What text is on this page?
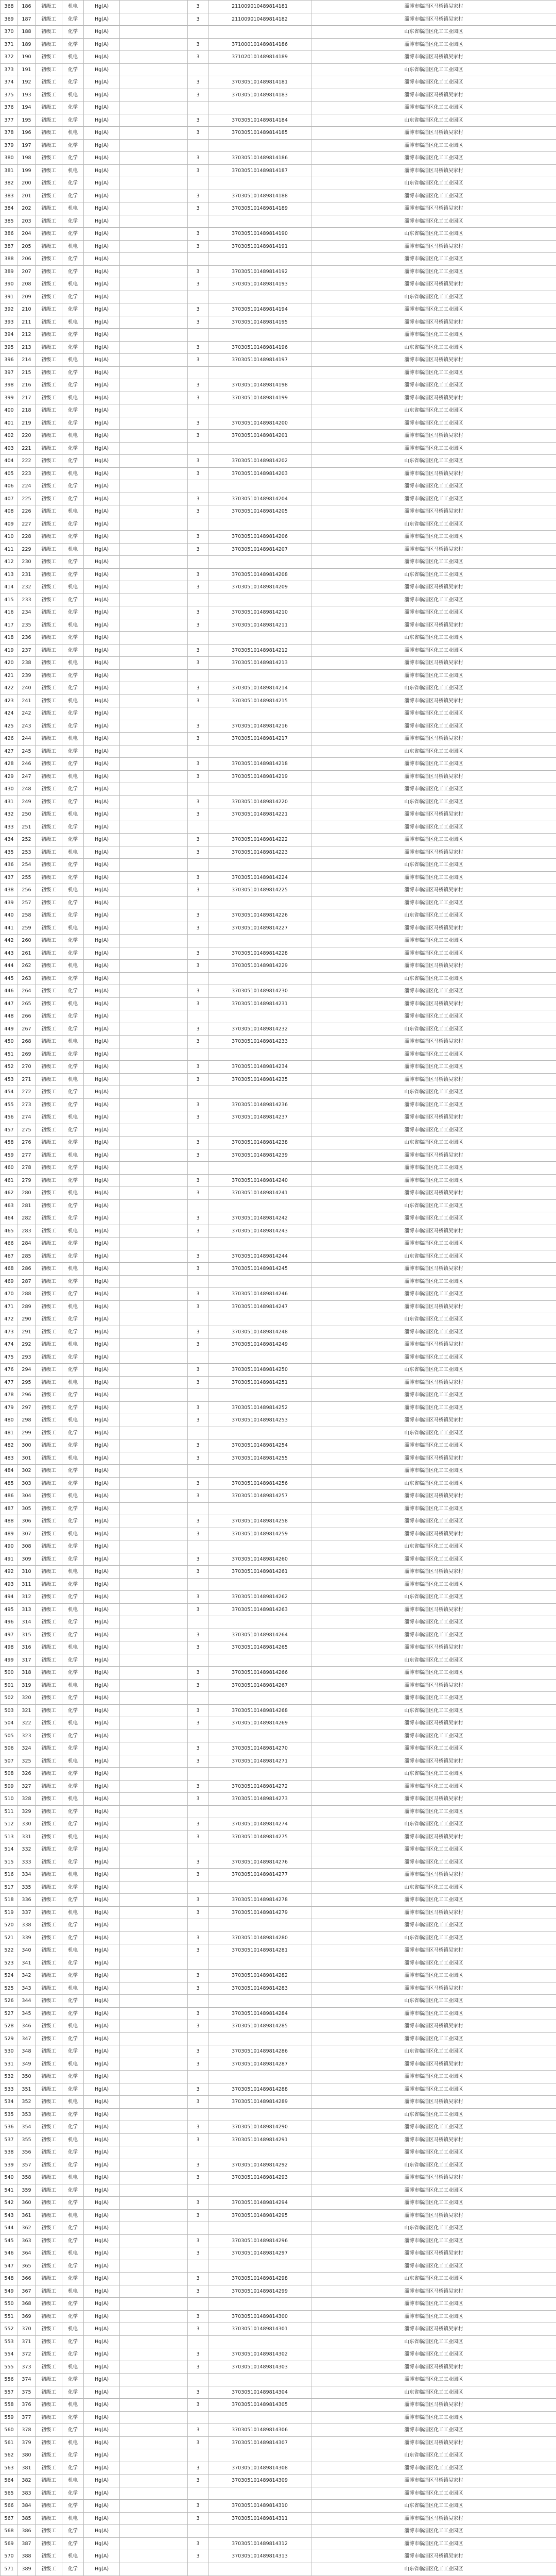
368	186	初级工	机电	Hg(A)		3	211009010489814181	淄博市临淄区马桥镇吴家村
369	187	初级工	化学	Hg(A)		3	211009010489814182	淄博市临淄区马桥镇吴家村
370	188	初级工	化学	Hg(A)				山东省临淄区化工工业园区
371	189	初级工	化学	Hg(A)		3	371000101489814186	淄博市临淄区化工工业园区
372	190	初级工	机电	Hg(A)		3	371020101489814189	淄博市临淄区马桥镇吴家村
373	191	初级工	化学	Hg(A)				山东省临淄区化工工业园区
374	192	初级工	化学	Hg(A)		3	370305101489814181	淄博市临淄区化工工业园区
375	193	初级工	机电	Hg(A)		3	370305101489814183	淄博市临淄区马桥镇吴家村
376	194	初级工	化学	Hg(A)				淄博市临淄区化工工业园区
377	195	初级工	化学	Hg(A)		3	370305101489814184	山东省临淄区化工工业园区
378	196	初级工	机电	Hg(A)		3	370305101489814185	淄博市临淄区马桥镇吴家村
379	197	初级工	化学	Hg(A)				淄博市临淄区化工工业园区
380	198	初级工	化学	Hg(A)		3	370305101489814186	淄博市临淄区化工工业园区
381	199	初级工	机电	Hg(A)		3	370305101489814187	淄博市临淄区马桥镇吴家村
382	200	初级工	化学	Hg(A)				山东省临淄区化工工业园区
383	201	初级工	化学	Hg(A)		3	370305101489814188	淄博市临淄区化工工业园区
384	202	初级工	机电	Hg(A)		3	370305101489814189	淄博市临淄区马桥镇吴家村
385	203	初级工	化学	Hg(A)				淄博市临淄区化工工业园区
386	204	初级工	化学	Hg(A)		3	370305101489814190	山东省临淄区化工工业园区
387	205	初级工	机电	Hg(A)		3	370305101489814191	淄博市临淄区马桥镇吴家村
388	206	初级工	化学	Hg(A)				淄博市临淄区化工工业园区
389	207	初级工	化学	Hg(A)		3	370305101489814192	淄博市临淄区化工工业园区
390	208	初级工	机电	Hg(A)		3	370305101489814193	淄博市临淄区马桥镇吴家村
391	209	初级工	化学	Hg(A)				山东省临淄区化工工业园区
392	210	初级工	化学	Hg(A)		3	370305101489814194	淄博市临淄区化工工业园区
393	211	初级工	机电	Hg(A)		3	370305101489814195	淄博市临淄区马桥镇吴家村
394	212	初级工	化学	Hg(A)				淄博市临淄区化工工业园区
395	213	初级工	化学	Hg(A)		3	370305101489814196	山东省临淄区化工工业园区
396	214	初级工	机电	Hg(A)		3	370305101489814197	淄博市临淄区马桥镇吴家村
397	215	初级工	化学	Hg(A)				淄博市临淄区化工工业园区
398	216	初级工	化学	Hg(A)		3	370305101489814198	淄博市临淄区化工工业园区
399	217	初级工	机电	Hg(A)		3	370305101489814199	淄博市临淄区马桥镇吴家村
400	218	初级工	化学	Hg(A)				山东省临淄区化工工业园区
401	219	初级工	化学	Hg(A)		3	370305101489814200	淄博市临淄区化工工业园区
402	220	初级工	机电	Hg(A)		3	370305101489814201	淄博市临淄区马桥镇吴家村
403	221	初级工	化学	Hg(A)				淄博市临淄区化工工业园区
404	222	初级工	化学	Hg(A)		3	370305101489814202	山东省临淄区化工工业园区
405	223	初级工	机电	Hg(A)		3	370305101489814203	淄博市临淄区马桥镇吴家村
406	224	初级工	化学	Hg(A)				淄博市临淄区化工工业园区
407	225	初级工	化学	Hg(A)		3	370305101489814204	淄博市临淄区化工工业园区
408	226	初级工	机电	Hg(A)		3	370305101489814205	淄博市临淄区马桥镇吴家村
409	227	初级工	化学	Hg(A)				山东省临淄区化工工业园区
410	228	初级工	化学	Hg(A)		3	370305101489814206	淄博市临淄区化工工业园区
411	229	初级工	机电	Hg(A)		3	370305101489814207	淄博市临淄区马桥镇吴家村
412	230	初级工	化学	Hg(A)				淄博市临淄区化工工业园区
413	231	初级工	化学	Hg(A)		3	370305101489814208	山东省临淄区化工工业园区
414	232	初级工	机电	Hg(A)		3	370305101489814209	淄博市临淄区马桥镇吴家村
415	233	初级工	化学	Hg(A)				淄博市临淄区化工工业园区
416	234	初级工	化学	Hg(A)		3	370305101489814210	淄博市临淄区化工工业园区
417	235	初级工	机电	Hg(A)		3	370305101489814211	淄博市临淄区马桥镇吴家村
418	236	初级工	化学	Hg(A)				山东省临淄区化工工业园区
419	237	初级工	化学	Hg(A)		3	370305101489814212	淄博市临淄区化工工业园区
420	238	初级工	机电	Hg(A)		3	370305101489814213	淄博市临淄区马桥镇吴家村
421	239	初级工	化学	Hg(A)				淄博市临淄区化工工业园区
422	240	初级工	化学	Hg(A)		3	370305101489814214	山东省临淄区化工工业园区
423	241	初级工	机电	Hg(A)		3	370305101489814215	淄博市临淄区马桥镇吴家村
424	242	初级工	化学	Hg(A)				淄博市临淄区化工工业园区
425	243	初级工	化学	Hg(A)		3	370305101489814216	淄博市临淄区化工工业园区
426	244	初级工	机电	Hg(A)		3	370305101489814217	淄博市临淄区马桥镇吴家村
427	245	初级工	化学	Hg(A)				山东省临淄区化工工业园区
428	246	初级工	化学	Hg(A)		3	370305101489814218	淄博市临淄区化工工业园区
429	247	初级工	机电	Hg(A)		3	370305101489814219	淄博市临淄区马桥镇吴家村
430	248	初级工	化学	Hg(A)				淄博市临淄区化工工业园区
431	249	初级工	化学	Hg(A)		3	370305101489814220	山东省临淄区化工工业园区
432	250	初级工	机电	Hg(A)		3	370305101489814221	淄博市临淄区马桥镇吴家村
433	251	初级工	化学	Hg(A)				淄博市临淄区化工工业园区
434	252	初级工	化学	Hg(A)		3	370305101489814222	淄博市临淄区化工工业园区
435	253	初级工	机电	Hg(A)		3	370305101489814223	淄博市临淄区马桥镇吴家村
436	254	初级工	化学	Hg(A)				山东省临淄区化工工业园区
437	255	初级工	化学	Hg(A)		3	370305101489814224	淄博市临淄区化工工业园区
438	256	初级工	机电	Hg(A)		3	370305101489814225	淄博市临淄区马桥镇吴家村
439	257	初级工	化学	Hg(A)				淄博市临淄区化工工业园区
440	258	初级工	化学	Hg(A)		3	370305101489814226	山东省临淄区化工工业园区
441	259	初级工	机电	Hg(A)		3	370305101489814227	淄博市临淄区马桥镇吴家村
442	260	初级工	化学	Hg(A)				淄博市临淄区化工工业园区
443	261	初级工	化学	Hg(A)		3	370305101489814228	淄博市临淄区化工工业园区
444	262	初级工	机电	Hg(A)		3	370305101489814229	淄博市临淄区马桥镇吴家村
445	263	初级工	化学	Hg(A)				山东省临淄区化工工业园区
446	264	初级工	化学	Hg(A)		3	370305101489814230	淄博市临淄区化工工业园区
447	265	初级工	机电	Hg(A)		3	370305101489814231	淄博市临淄区马桥镇吴家村
448	266	初级工	化学	Hg(A)				淄博市临淄区化工工业园区
449	267	初级工	化学	Hg(A)		3	370305101489814232	山东省临淄区化工工业园区
450	268	初级工	机电	Hg(A)		3	370305101489814233	淄博市临淄区马桥镇吴家村
451	269	初级工	化学	Hg(A)				淄博市临淄区化工工业园区
452	270	初级工	化学	Hg(A)		3	370305101489814234	淄博市临淄区化工工业园区
453	271	初级工	机电	Hg(A)		3	370305101489814235	淄博市临淄区马桥镇吴家村
454	272	初级工	化学	Hg(A)				山东省临淄区化工工业园区
455	273	初级工	化学	Hg(A)		3	370305101489814236	淄博市临淄区化工工业园区
456	274	初级工	机电	Hg(A)		3	370305101489814237	淄博市临淄区马桥镇吴家村
457	275	初级工	化学	Hg(A)				淄博市临淄区化工工业园区
458	276	初级工	化学	Hg(A)		3	370305101489814238	山东省临淄区化工工业园区
459	277	初级工	机电	Hg(A)		3	370305101489814239	淄博市临淄区马桥镇吴家村
460	278	初级工	化学	Hg(A)				淄博市临淄区化工工业园区
461	279	初级工	化学	Hg(A)		3	370305101489814240	淄博市临淄区化工工业园区
462	280	初级工	机电	Hg(A)		3	370305101489814241	淄博市临淄区马桥镇吴家村
463	281	初级工	化学	Hg(A)				山东省临淄区化工工业园区
464	282	初级工	化学	Hg(A)		3	370305101489814242	淄博市临淄区化工工业园区
465	283	初级工	机电	Hg(A)		3	370305101489814243	淄博市临淄区马桥镇吴家村
466	284	初级工	化学	Hg(A)				淄博市临淄区化工工业园区
467	285	初级工	化学	Hg(A)		3	370305101489814244	山东省临淄区化工工业园区
468	286	初级工	机电	Hg(A)		3	370305101489814245	淄博市临淄区马桥镇吴家村
469	287	初级工	化学	Hg(A)				淄博市临淄区化工工业园区
470	288	初级工	化学	Hg(A)		3	370305101489814246	淄博市临淄区化工工业园区
471	289	初级工	机电	Hg(A)		3	370305101489814247	淄博市临淄区马桥镇吴家村
472	290	初级工	化学	Hg(A)				山东省临淄区化工工业园区
473	291	初级工	化学	Hg(A)		3	370305101489814248	淄博市临淄区化工工业园区
474	292	初级工	机电	Hg(A)		3	370305101489814249	淄博市临淄区马桥镇吴家村
475	293	初级工	化学	Hg(A)				淄博市临淄区化工工业园区
476	294	初级工	化学	Hg(A)		3	370305101489814250	山东省临淄区化工工业园区
477	295	初级工	机电	Hg(A)		3	370305101489814251	淄博市临淄区马桥镇吴家村
478	296	初级工	化学	Hg(A)				淄博市临淄区化工工业园区
479	297	初级工	化学	Hg(A)		3	370305101489814252	淄博市临淄区化工工业园区
480	298	初级工	机电	Hg(A)		3	370305101489814253	淄博市临淄区马桥镇吴家村
481	299	初级工	化学	Hg(A)				山东省临淄区化工工业园区
482	300	初级工	化学	Hg(A)		3	370305101489814254	淄博市临淄区化工工业园区
483	301	初级工	机电	Hg(A)		3	370305101489814255	淄博市临淄区马桥镇吴家村
484	302	初级工	化学	Hg(A)				淄博市临淄区化工工业园区
485	303	初级工	化学	Hg(A)		3	370305101489814256	山东省临淄区化工工业园区
486	304	初级工	机电	Hg(A)		3	370305101489814257	淄博市临淄区马桥镇吴家村
487	305	初级工	化学	Hg(A)				淄博市临淄区化工工业园区
488	306	初级工	化学	Hg(A)		3	370305101489814258	淄博市临淄区化工工业园区
489	307	初级工	机电	Hg(A)		3	370305101489814259	淄博市临淄区马桥镇吴家村
490	308	初级工	化学	Hg(A)				山东省临淄区化工工业园区
491	309	初级工	化学	Hg(A)		3	370305101489814260	淄博市临淄区化工工业园区
492	310	初级工	机电	Hg(A)		3	370305101489814261	淄博市临淄区马桥镇吴家村
493	311	初级工	化学	Hg(A)				淄博市临淄区化工工业园区
494	312	初级工	化学	Hg(A)		3	370305101489814262	山东省临淄区化工工业园区
495	313	初级工	机电	Hg(A)		3	370305101489814263	淄博市临淄区马桥镇吴家村
496	314	初级工	化学	Hg(A)				淄博市临淄区化工工业园区
497	315	初级工	化学	Hg(A)		3	370305101489814264	淄博市临淄区化工工业园区
498	316	初级工	机电	Hg(A)		3	370305101489814265	淄博市临淄区马桥镇吴家村
499	317	初级工	化学	Hg(A)				山东省临淄区化工工业园区
500	318	初级工	化学	Hg(A)		3	370305101489814266	淄博市临淄区化工工业园区
501	319	初级工	机电	Hg(A)		3	370305101489814267	淄博市临淄区马桥镇吴家村
502	320	初级工	化学	Hg(A)				淄博市临淄区化工工业园区
503	321	初级工	化学	Hg(A)		3	370305101489814268	山东省临淄区化工工业园区
504	322	初级工	机电	Hg(A)		3	370305101489814269	淄博市临淄区马桥镇吴家村
505	323	初级工	化学	Hg(A)				淄博市临淄区化工工业园区
506	324	初级工	化学	Hg(A)		3	370305101489814270	淄博市临淄区化工工业园区
507	325	初级工	机电	Hg(A)		3	370305101489814271	淄博市临淄区马桥镇吴家村
508	326	初级工	化学	Hg(A)				山东省临淄区化工工业园区
509	327	初级工	化学	Hg(A)		3	370305101489814272	淄博市临淄区化工工业园区
510	328	初级工	机电	Hg(A)		3	370305101489814273	淄博市临淄区马桥镇吴家村
511	329	初级工	化学	Hg(A)				淄博市临淄区化工工业园区
512	330	初级工	化学	Hg(A)		3	370305101489814274	山东省临淄区化工工业园区
513	331	初级工	机电	Hg(A)		3	370305101489814275	淄博市临淄区马桥镇吴家村
514	332	初级工	化学	Hg(A)				淄博市临淄区化工工业园区
515	333	初级工	化学	Hg(A)		3	370305101489814276	淄博市临淄区化工工业园区
516	334	初级工	机电	Hg(A)		3	370305101489814277	淄博市临淄区马桥镇吴家村
517	335	初级工	化学	Hg(A)				山东省临淄区化工工业园区
518	336	初级工	化学	Hg(A)		3	370305101489814278	淄博市临淄区化工工业园区
519	337	初级工	机电	Hg(A)		3	370305101489814279	淄博市临淄区马桥镇吴家村
520	338	初级工	化学	Hg(A)				淄博市临淄区化工工业园区
521	339	初级工	化学	Hg(A)		3	370305101489814280	山东省临淄区化工工业园区
522	340	初级工	机电	Hg(A)		3	370305101489814281	淄博市临淄区马桥镇吴家村
523	341	初级工	化学	Hg(A)				淄博市临淄区化工工业园区
524	342	初级工	化学	Hg(A)		3	370305101489814282	淄博市临淄区化工工业园区
525	343	初级工	机电	Hg(A)		3	370305101489814283	淄博市临淄区马桥镇吴家村
526	344	初级工	化学	Hg(A)				山东省临淄区化工工业园区
527	345	初级工	化学	Hg(A)		3	370305101489814284	淄博市临淄区化工工业园区
528	346	初级工	机电	Hg(A)		3	370305101489814285	淄博市临淄区马桥镇吴家村
529	347	初级工	化学	Hg(A)				淄博市临淄区化工工业园区
530	348	初级工	化学	Hg(A)		3	370305101489814286	山东省临淄区化工工业园区
531	349	初级工	机电	Hg(A)		3	370305101489814287	淄博市临淄区马桥镇吴家村
532	350	初级工	化学	Hg(A)				淄博市临淄区化工工业园区
533	351	初级工	化学	Hg(A)		3	370305101489814288	淄博市临淄区化工工业园区
534	352	初级工	机电	Hg(A)		3	370305101489814289	淄博市临淄区马桥镇吴家村
535	353	初级工	化学	Hg(A)				山东省临淄区化工工业园区
536	354	初级工	化学	Hg(A)		3	370305101489814290	淄博市临淄区化工工业园区
537	355	初级工	机电	Hg(A)		3	370305101489814291	淄博市临淄区马桥镇吴家村
538	356	初级工	化学	Hg(A)				淄博市临淄区化工工业园区
539	357	初级工	化学	Hg(A)		3	370305101489814292	山东省临淄区化工工业园区
540	358	初级工	机电	Hg(A)		3	370305101489814293	淄博市临淄区马桥镇吴家村
541	359	初级工	化学	Hg(A)				淄博市临淄区化工工业园区
542	360	初级工	化学	Hg(A)		3	370305101489814294	淄博市临淄区化工工业园区
543	361	初级工	机电	Hg(A)		3	370305101489814295	淄博市临淄区马桥镇吴家村
544	362	初级工	化学	Hg(A)				山东省临淄区化工工业园区
545	363	初级工	化学	Hg(A)		3	370305101489814296	淄博市临淄区化工工业园区
546	364	初级工	机电	Hg(A)		3	370305101489814297	淄博市临淄区马桥镇吴家村
547	365	初级工	化学	Hg(A)				淄博市临淄区化工工业园区
548	366	初级工	化学	Hg(A)		3	370305101489814298	山东省临淄区化工工业园区
549	367	初级工	机电	Hg(A)		3	370305101489814299	淄博市临淄区马桥镇吴家村
550	368	初级工	化学	Hg(A)				淄博市临淄区化工工业园区
551	369	初级工	化学	Hg(A)		3	370305101489814300	淄博市临淄区化工工业园区
552	370	初级工	机电	Hg(A)		3	370305101489814301	淄博市临淄区马桥镇吴家村
553	371	初级工	化学	Hg(A)				山东省临淄区化工工业园区
554	372	初级工	化学	Hg(A)		3	370305101489814302	淄博市临淄区化工工业园区
555	373	初级工	机电	Hg(A)		3	370305101489814303	淄博市临淄区马桥镇吴家村
556	374	初级工	化学	Hg(A)				淄博市临淄区化工工业园区
557	375	初级工	化学	Hg(A)		3	370305101489814304	山东省临淄区化工工业园区
558	376	初级工	机电	Hg(A)		3	370305101489814305	淄博市临淄区马桥镇吴家村
559	377	初级工	化学	Hg(A)				淄博市临淄区化工工业园区
560	378	初级工	化学	Hg(A)		3	370305101489814306	淄博市临淄区化工工业园区
561	379	初级工	机电	Hg(A)		3	370305101489814307	淄博市临淄区马桥镇吴家村
562	380	初级工	化学	Hg(A)				山东省临淄区化工工业园区
563	381	初级工	化学	Hg(A)		3	370305101489814308	淄博市临淄区化工工业园区
564	382	初级工	机电	Hg(A)		3	370305101489814309	淄博市临淄区马桥镇吴家村
565	383	初级工	化学	Hg(A)				淄博市临淄区化工工业园区
566	384	初级工	化学	Hg(A)		3	370305101489814310	山东省临淄区化工工业园区
567	385	初级工	机电	Hg(A)		3	370305101489814311	淄博市临淄区马桥镇吴家村
568	386	初级工	化学	Hg(A)				淄博市临淄区化工工业园区
569	387	初级工	化学	Hg(A)		3	370305101489814312	淄博市临淄区化工工业园区
570	388	初级工	机电	Hg(A)		3	370305101489814313	淄博市临淄区马桥镇吴家村
571	389	初级工	化学	Hg(A)				山东省临淄区化工工业园区
